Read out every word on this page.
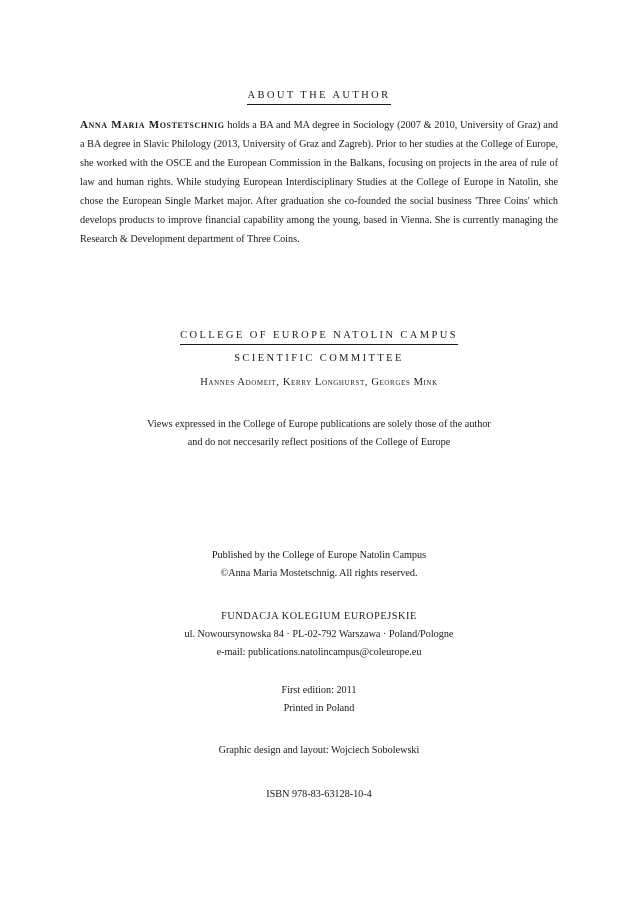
ABOUT THE AUTHOR
Anna Maria Mostetschnig holds a BA and MA degree in Sociology (2007 & 2010, University of Graz) and a BA degree in Slavic Philology (2013, University of Graz and Zagreb). Prior to her studies at the College of Europe, she worked with the OSCE and the European Commission in the Balkans, focusing on projects in the area of rule of law and human rights. While studying European Interdisciplinary Studies at the College of Europe in Natolin, she chose the European Single Market major. After graduation she co-founded the social business 'Three Coins' which develops products to improve financial capability among the young, based in Vienna. She is currently managing the Research & Development department of Three Coins.
COLLEGE OF EUROPE NATOLIN CAMPUS
SCIENTIFIC COMMITTEE
Hannes Adomeit, Kerry Longhurst, Georges Mink
Views expressed in the College of Europe publications are solely those of the author
and do not neccesarily reflect positions of the College of Europe
Published by the College of Europe Natolin Campus
©Anna Maria Mostetschnig. All rights reserved.
FUNDACJA KOLEGIUM EUROPEJSKIE
ul. Nowoursynowska 84 · PL-02-792 Warszawa · Poland/Pologne
e-mail: publications.natolincampus@coleurope.eu
First edition: 2011
Printed in Poland
Graphic design and layout: Wojciech Sobolewski
ISBN 978-83-63128-10-4
